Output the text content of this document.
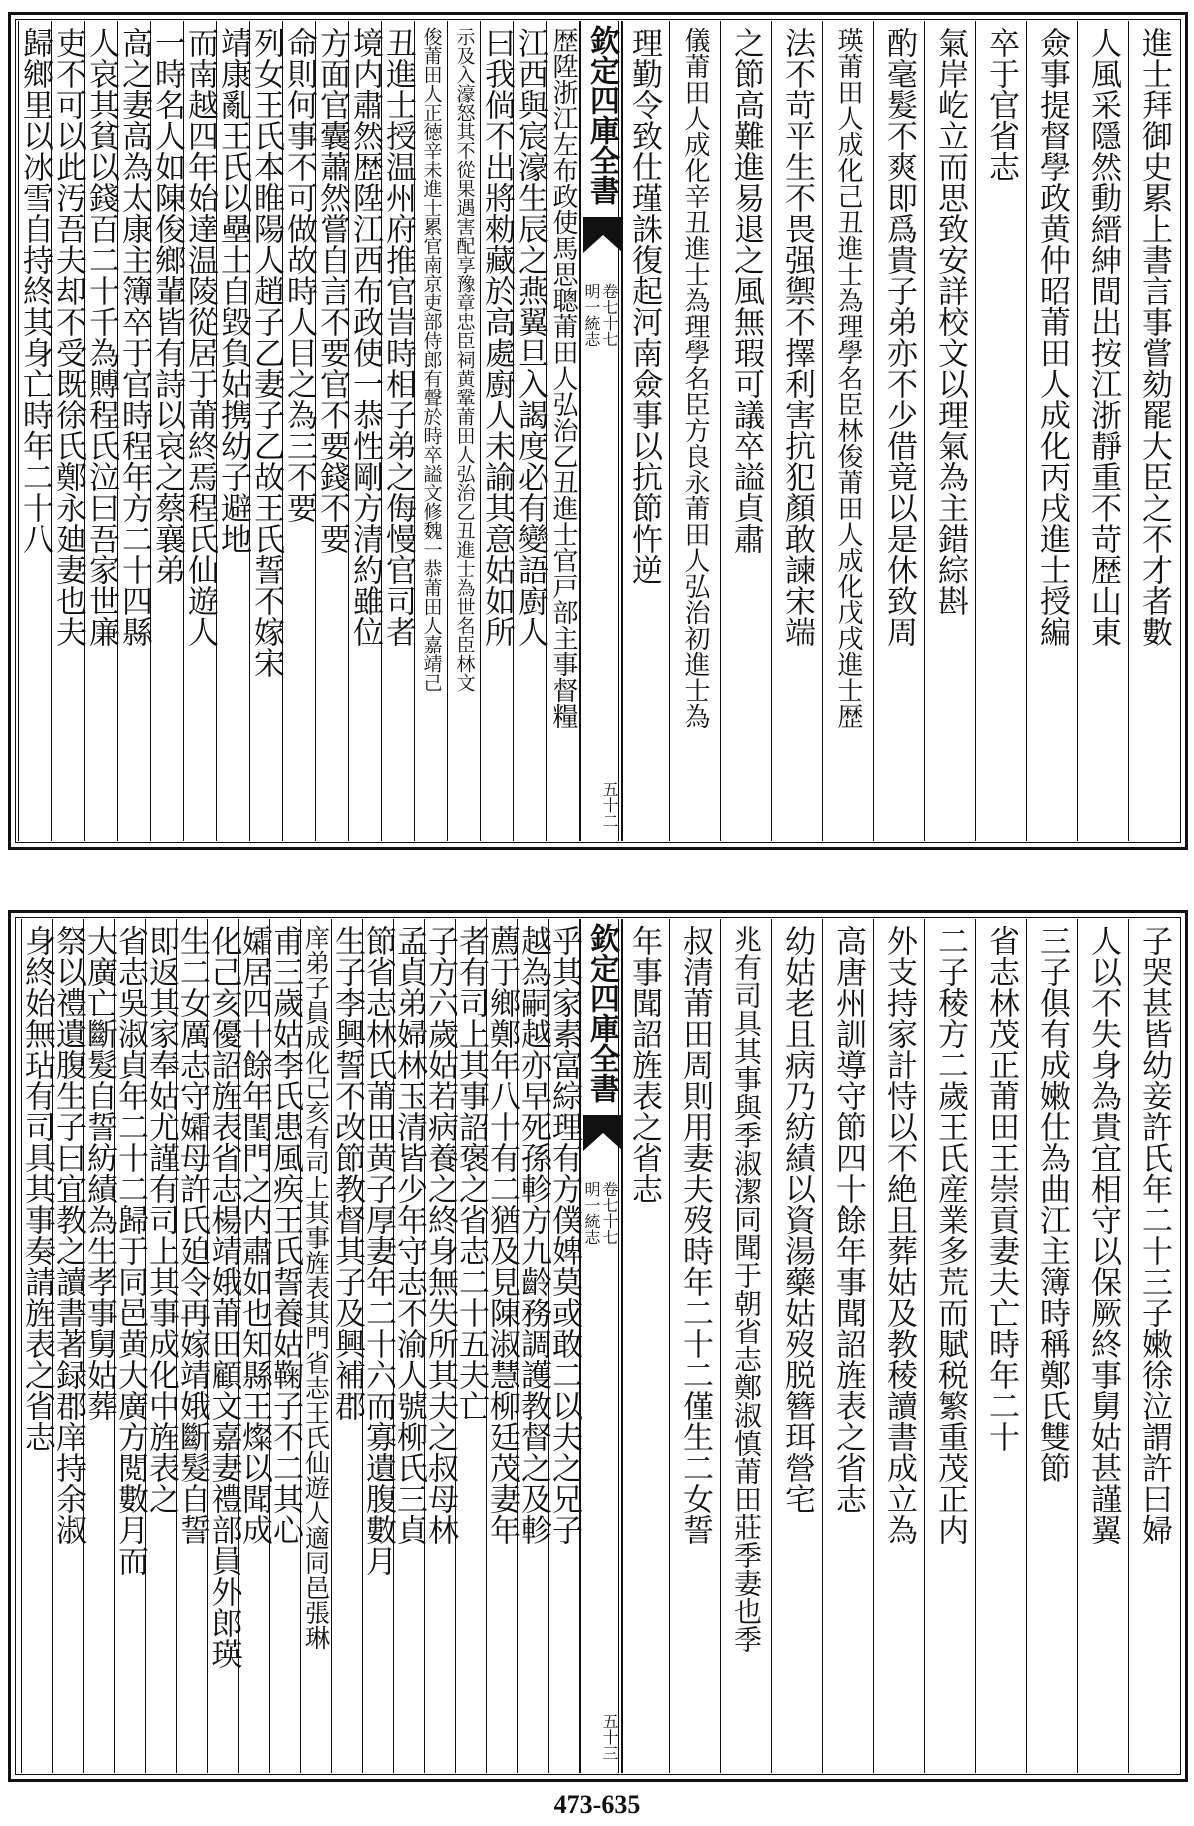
進士拜御史累上書言事嘗劾罷大臣之不才者數
人風采隱然動縉紳間出按江浙靜重不苛歴山東
僉事提督學政黄仲昭莆田人成化丙戌進士授編
卒于官省志
氣岸屹立而思致安詳校文以理氣為主錯綜斟
酌毫髮不爽即爲貴子弟亦不少借竟以是休致周
瑛莆田人成化己丑進士為理學名臣林俊莆田人成化戊戌進士歴
法不苛平生不畏强禦不擇利害抗犯顏敢諫宋端
之節高難進易退之風無瑕可議卒謚貞肅
儀莆田人成化辛丑進士為理學名臣方良永莆田人弘治初進士為
理勤令致仕瑾誅復起河南僉事以抗節忤逆
欽定四庫全書
卷七十七
明一統志
五十二
歴陞浙江左布政使馬思聰莆田人弘治乙丑進士官戸部主事督糧
江西與宸濠生辰之燕翼旦入謁度必有變語廚人
曰我倘不出將勑藏於高處廚人未諭其意姑如所
示及入濠怒其不從果遇害配享豫章忠臣祠黄鞏莆田人弘治乙丑進士為世名臣林文
俊莆田人正徳辛未進士累官南京吏部侍郎有聲於時卒謚文修魏一恭莆田人嘉靖己
丑進士授温州府推官旹時相子弟之侮慢官司者
境内肅然歴陞江西布政使一恭性剛方清約雖位
方面官囊蕭然嘗自言不要官不要錢不要
命則何事不可做故時人目之為三不要
列女王氏本睢陽人趙子乙妻子乙故王氏誓不嫁宋
靖康亂王氏以壘土自毀負姑携幼子避地
而南越四年始達温陵從居于莆終焉程氏仙遊人
一時名人如陳俊鄉輩皆有詩以哀之蔡襄弟
高之妻高為太康主簿卒于官時程年方二十四縣
人哀其貧以錢百二十千為賻程氏泣曰吾家世廉
吏不可以此汚吾夫却不受既徐氏鄭永廸妻也夫
歸鄉里以冰雪自持終其身亡時年二十八
子哭甚皆幼妾許氏年二十三子嫩徐泣謂許曰婦
人以不失身為貴宜相守以保厥終事舅姑甚謹翼
三子俱有成嫩仕為曲江主簿時稱鄭氏雙節
省志林茂正莆田王崇貢妻夫亡時年二十
二子稜方二歲王氏産業多荒而賦税繁重茂正内
外支持家計恃以不絶且葬姑及教稜讀書成立為
高唐州訓導守節四十餘年事聞詔旌表之省志
幼姑老且病乃紡績以資湯藥姑歿脱簪珥營宅
兆有司具其事與季淑潔同聞于朝省志鄭淑慎莆田莊季妻也季
叔清莆田周則用妻夫歿時年二十二僅生二女誓
年事聞詔旌表之省志
欽定四庫全書
卷七十七
明一統志
五十三
乎其家素富綜理有方僕婢莫或敢二以夫之兄子
越為嗣越亦早死孫軫方九齡務調護教督之及軫
薦于鄉鄭年八十有二猶及見陳淑慧柳廷茂妻年
者有司上其事詔褒之省志二十五夫亡
子方六歲姑若病養之終身無失所其夫之叔母林
孟貞弟婦林玉清皆少年守志不渝人號柳氏三貞
節省志林氏莆田黄子厚妻年二十六而寡遺腹數月
生子李興誓不改節教督其子及興補郡
庠弟子員成化己亥有司上其事旌表其門省志王氏仙遊人適同邑張琳
甫三歲姑李氏患風疾王氏誓養姑鞠子不二其心
孀居四十餘年閨門之内肅如也知縣王燦以聞成
化己亥優詔旌表省志楊靖娥莆田顧文嘉妻禮部員外郎瑛
生二女厲志守孀母許氏廹令再嫁靖娥斷髮自誓
即返其家奉姑尤謹有司上其事成化中旌表之
省志吳淑貞年二十二歸于同邑黄大廣方閲數月而
大廣亡斷髮自誓紡績為生孝事舅姑葬
祭以禮遺腹生子曰宜教之讀書著録郡庠持余淑
身終始無玷有司具其事奏請旌表之省志
473-635
